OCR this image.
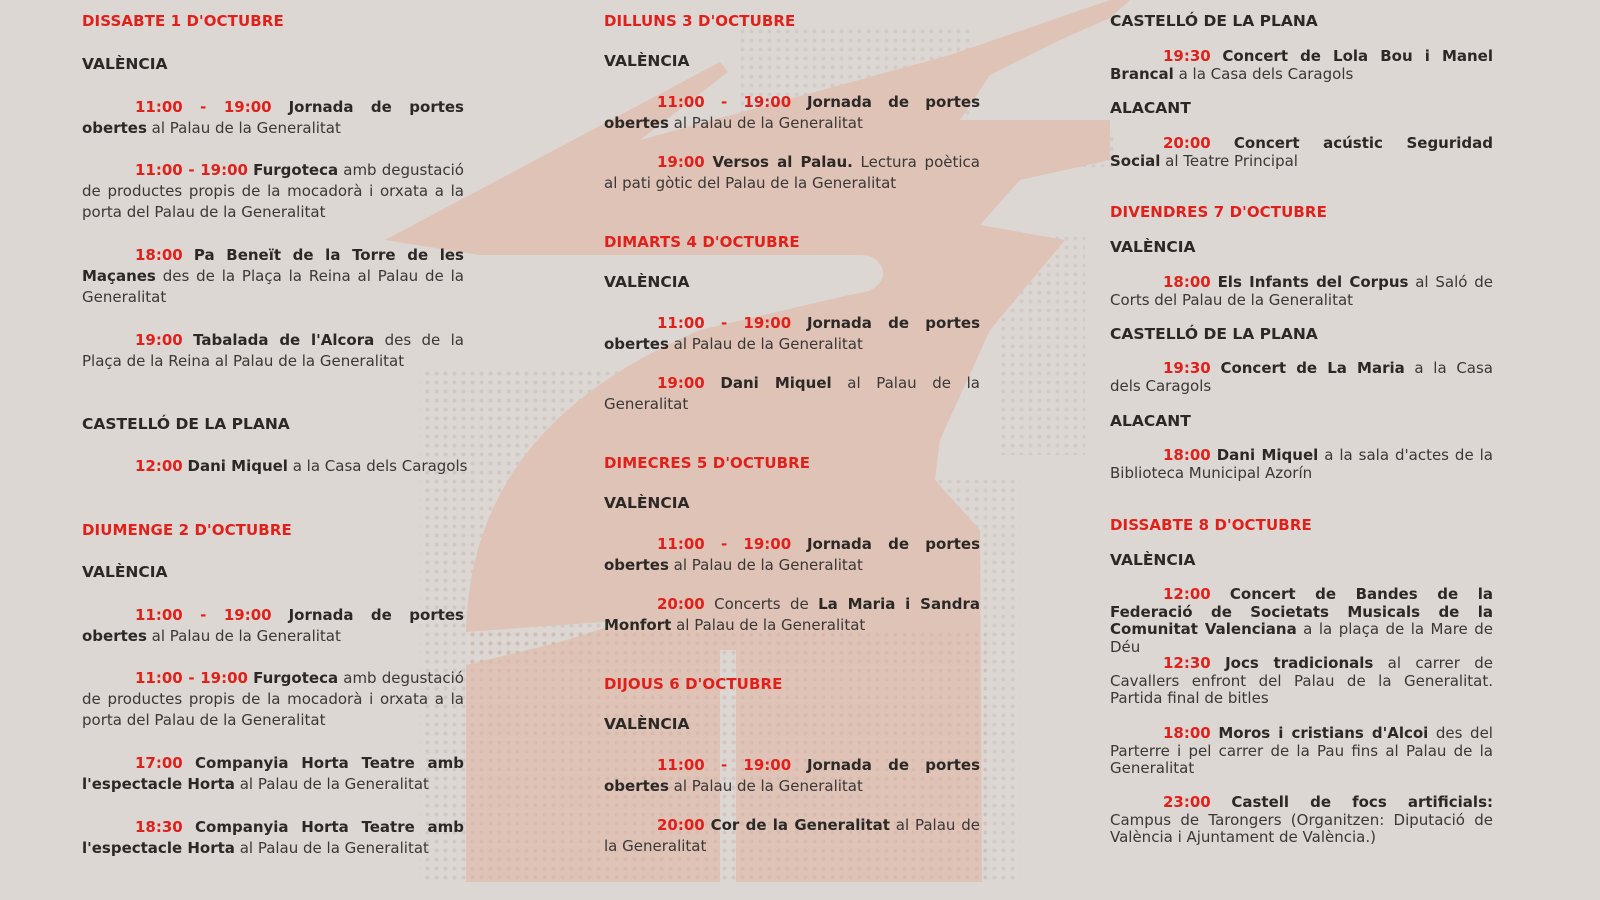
DISSABTE 1 D'OCTUBRE
VALÈNCIA
11:00 - 19:00 Jornada de portes obertes al Palau de la Generalitat
11:00 - 19:00 Furgoteca amb degustació de productes propis de la mocadorà i orxata a la porta del Palau de la Generalitat
18:00 Pa Beneït de la Torre de les Maçanes des de la Plaça la Reina al Palau de la Generalitat
19:00 Tabalada de l'Alcora des de la Plaça de la Reina al Palau de la Generalitat
CASTELLÓ DE LA PLANA
12:00 Dani Miquel a la Casa dels Caragols
DIUMENGE 2 D'OCTUBRE
VALÈNCIA
11:00 - 19:00 Jornada de portes obertes al Palau de la Generalitat
11:00 - 19:00 Furgoteca amb degustació de productes propis de la mocadorà i orxata a la porta del Palau de la Generalitat
17:00 Companyia Horta Teatre amb l'espectacle Horta al Palau de la Generalitat
18:30 Companyia Horta Teatre amb l'espectacle Horta al Palau de la Generalitat
DILLUNS 3 D'OCTUBRE
VALÈNCIA
11:00 - 19:00 Jornada de portes obertes al Palau de la Generalitat
19:00 Versos al Palau. Lectura poètica al pati gòtic del Palau de la Generalitat
DIMARTS 4 D'OCTUBRE
VALÈNCIA
11:00 - 19:00 Jornada de portes obertes al Palau de la Generalitat
19:00 Dani Miquel al Palau de la Generalitat
DIMECRES 5 D'OCTUBRE
VALÈNCIA
11:00 - 19:00 Jornada de portes obertes al Palau de la Generalitat
20:00 Concerts de La Maria i Sandra Monfort al Palau de la Generalitat
DIJOUS 6 D'OCTUBRE
VALÈNCIA
11:00 - 19:00 Jornada de portes obertes al Palau de la Generalitat
20:00 Cor de la Generalitat al Palau de la Generalitat
CASTELLÓ DE LA PLANA
19:30 Concert de Lola Bou i Manel Brancal a la Casa dels Caragols
ALACANT
20:00 Concert acústic Seguridad Social al Teatre Principal
DIVENDRES 7 D'OCTUBRE
VALÈNCIA
18:00 Els Infants del Corpus al Saló de Corts del Palau de la Generalitat
CASTELLÓ DE LA PLANA
19:30 Concert de La Maria a la Casa dels Caragols
ALACANT
18:00 Dani Miquel a la sala d'actes de la Biblioteca Municipal Azorín
DISSABTE 8 D'OCTUBRE
VALÈNCIA
12:00 Concert de Bandes de la Federació de Societats Musicals de la Comunitat Valenciana a la plaça de la Mare de Déu
12:30 Jocs tradicionals al carrer de Cavallers enfront del Palau de la Generalitat. Partida final de bitles
18:00 Moros i cristians d'Alcoi des del Parterre i pel carrer de la Pau fins al Palau de la Generalitat
23:00 Castell de focs artificials: Campus de Tarongers (Organitzen: Diputació de València i Ajuntament de València.)
